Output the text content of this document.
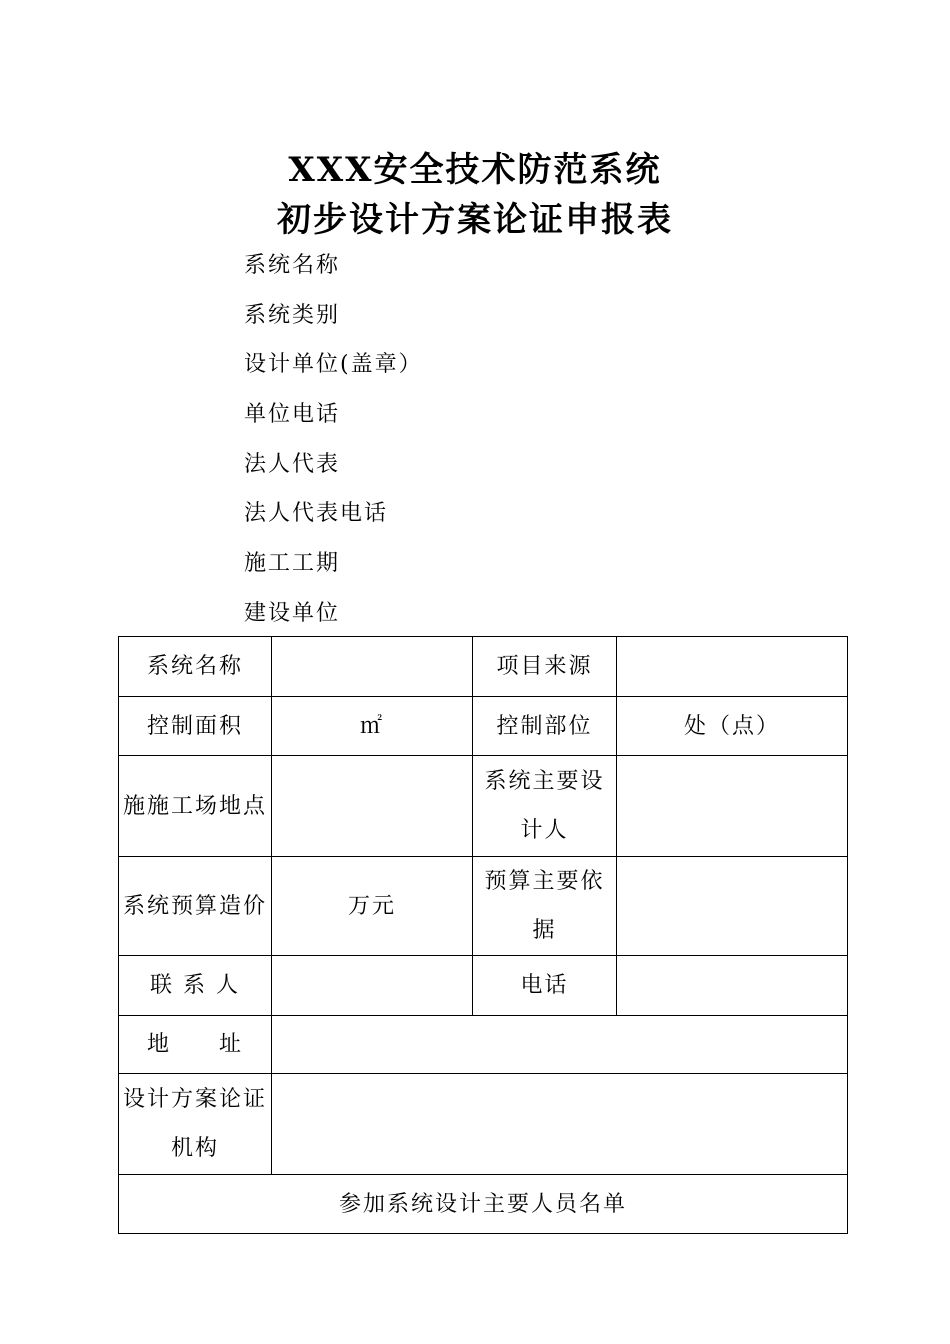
XXX安全技术防范系统
初步设计方案论证申报表
系统名称
系统类别
设计单位(盖章）
单位电话
法人代表
法人代表电话
施工工期
建设单位
系统名称		项目来源	
控制面积	㎡	控制部位	处（点）
施施工场地点		系统主要设计人	
系统预算造价	万元	预算主要依据	
联 系 人		电话	
地　　址			
设计方案论证机构			
参加系统设计主要人员名单			
